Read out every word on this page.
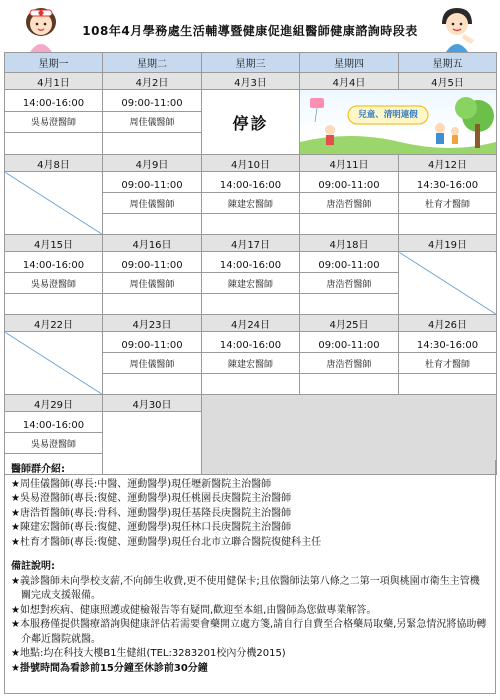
108年4月學務處生活輔導暨健康促進組醫師健康諮詢時段表
星期一	星期二	星期三	星期四	星期五
4月1日	4月2日	4月3日	4月4日	4月5日
14:00-16:00	09:00-11:00	停診	兒童、清明連假	

吳易澄醫師	周佳儀醫師			

4月8日	4月9日	4月10日	4月11日	4月12日
	09:00-11:00	14:00-16:00	09:00-11:00	14:30-16:00
	周佳儀醫師	陳建宏醫師	唐浩哲醫師	杜育才醫師

4月15日	4月16日	4月17日	4月18日	4月19日
14:00-16:00	09:00-11:00	14:00-16:00	09:00-11:00	
吳易澄醫師	周佳儀醫師	陳建宏醫師	唐浩哲醫師	

4月22日	4月23日	4月24日	4月25日	4月26日
	09:00-11:00	14:00-16:00	09:00-11:00	14:30-16:00
	周佳儀醫師	陳建宏醫師	唐浩哲醫師	杜育才醫師

4月29日	4月30日			
14:00-16:00				
吳易澄醫師				

醫師群介紹:
★周佳儀醫師(專長:中醫、運動醫學)現任壢新醫院主治醫師
★吳易澄醫師(專長:復健、運動醫學)現任桃園長庚醫院主治醫師
★唐浩哲醫師(專長:骨科、運動醫學)現任基隆長庚醫院主治醫師
★陳建宏醫師(專長:復健、運動醫學)現任林口長庚醫院主治醫師
★杜育才醫師(專長:復健、運動醫學)現任台北市立聯合醫院復健科主任
備註說明:
★義診醫師未向學校支薪,不向師生收費,更不使用健保卡;且依醫師法第八條之二第一項與桃園市衛生主管機關完成支援報備。
★如想對疾病、健康照護或健檢報告等有疑問,歡迎至本組,由醫師為您做專業解答。
★本服務僅提供醫療諮詢與健康評估若需要會藥開立處方箋,請自行自費至合格藥局取藥,另緊急情況將協助轉介鄰近醫院就醫。
★地點:均在科技大樓B1生健組(TEL:3283201校內分機2015)
★掛號時間為看診前15分鐘至休診前30分鐘
